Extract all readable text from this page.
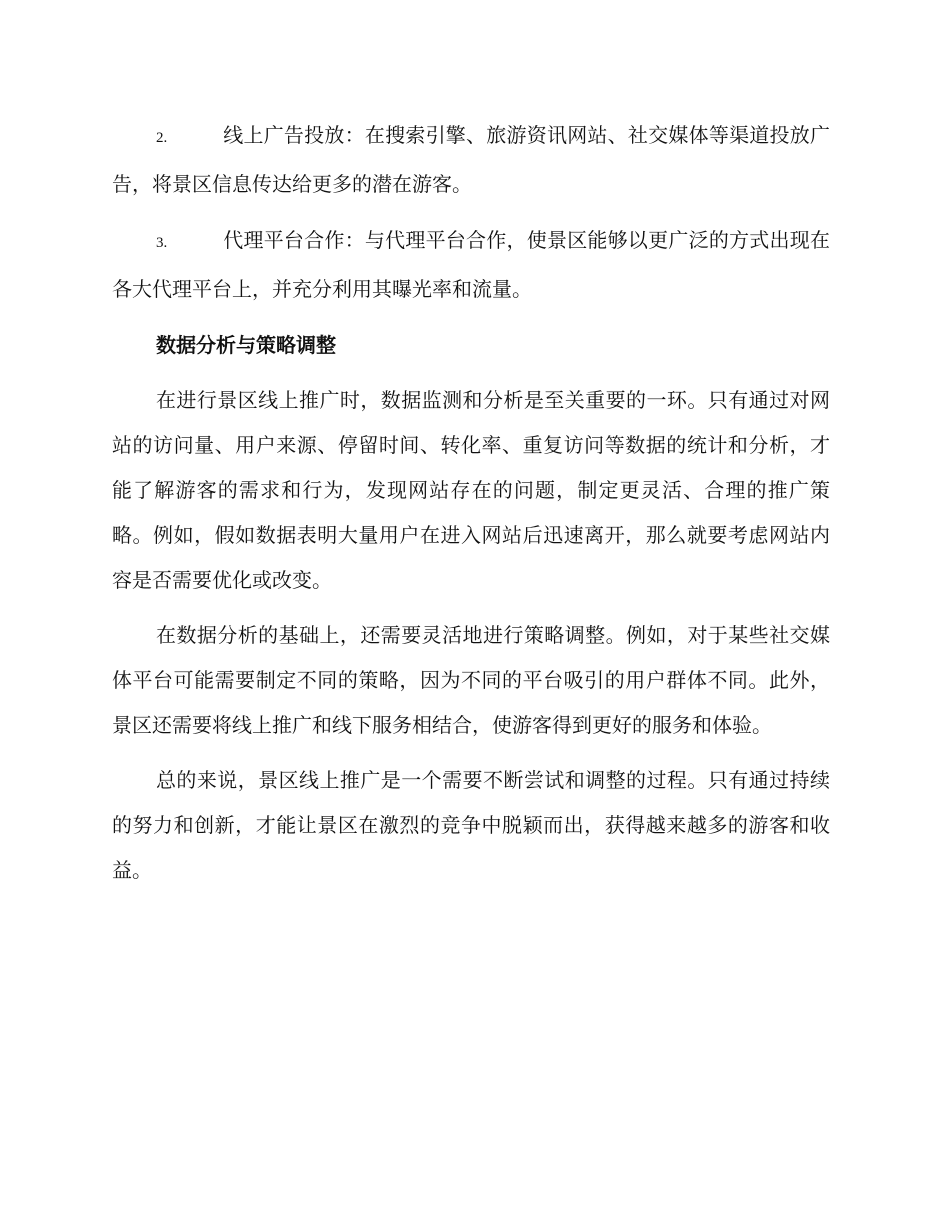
2.	线上广告投放：在搜索引擎、旅游资讯网站、社交媒体等渠道投放广告，将景区信息传达给更多的潜在游客。

3.	代理平台合作：与代理平台合作，使景区能够以更广泛的方式出现在各大代理平台上，并充分利用其曝光率和流量。

数据分析与策略调整

在进行景区线上推广时，数据监测和分析是至关重要的一环。只有通过对网站的访问量、用户来源、停留时间、转化率、重复访问等数据的统计和分析，才能了解游客的需求和行为，发现网站存在的问题，制定更灵活、合理的推广策略。例如，假如数据表明大量用户在进入网站后迅速离开，那么就要考虑网站内容是否需要优化或改变。

在数据分析的基础上，还需要灵活地进行策略调整。例如，对于某些社交媒体平台可能需要制定不同的策略，因为不同的平台吸引的用户群体不同。此外，景区还需要将线上推广和线下服务相结合，使游客得到更好的服务和体验。

总的来说，景区线上推广是一个需要不断尝试和调整的过程。只有通过持续的努力和创新，才能让景区在激烈的竞争中脱颖而出，获得越来越多的游客和收益。
